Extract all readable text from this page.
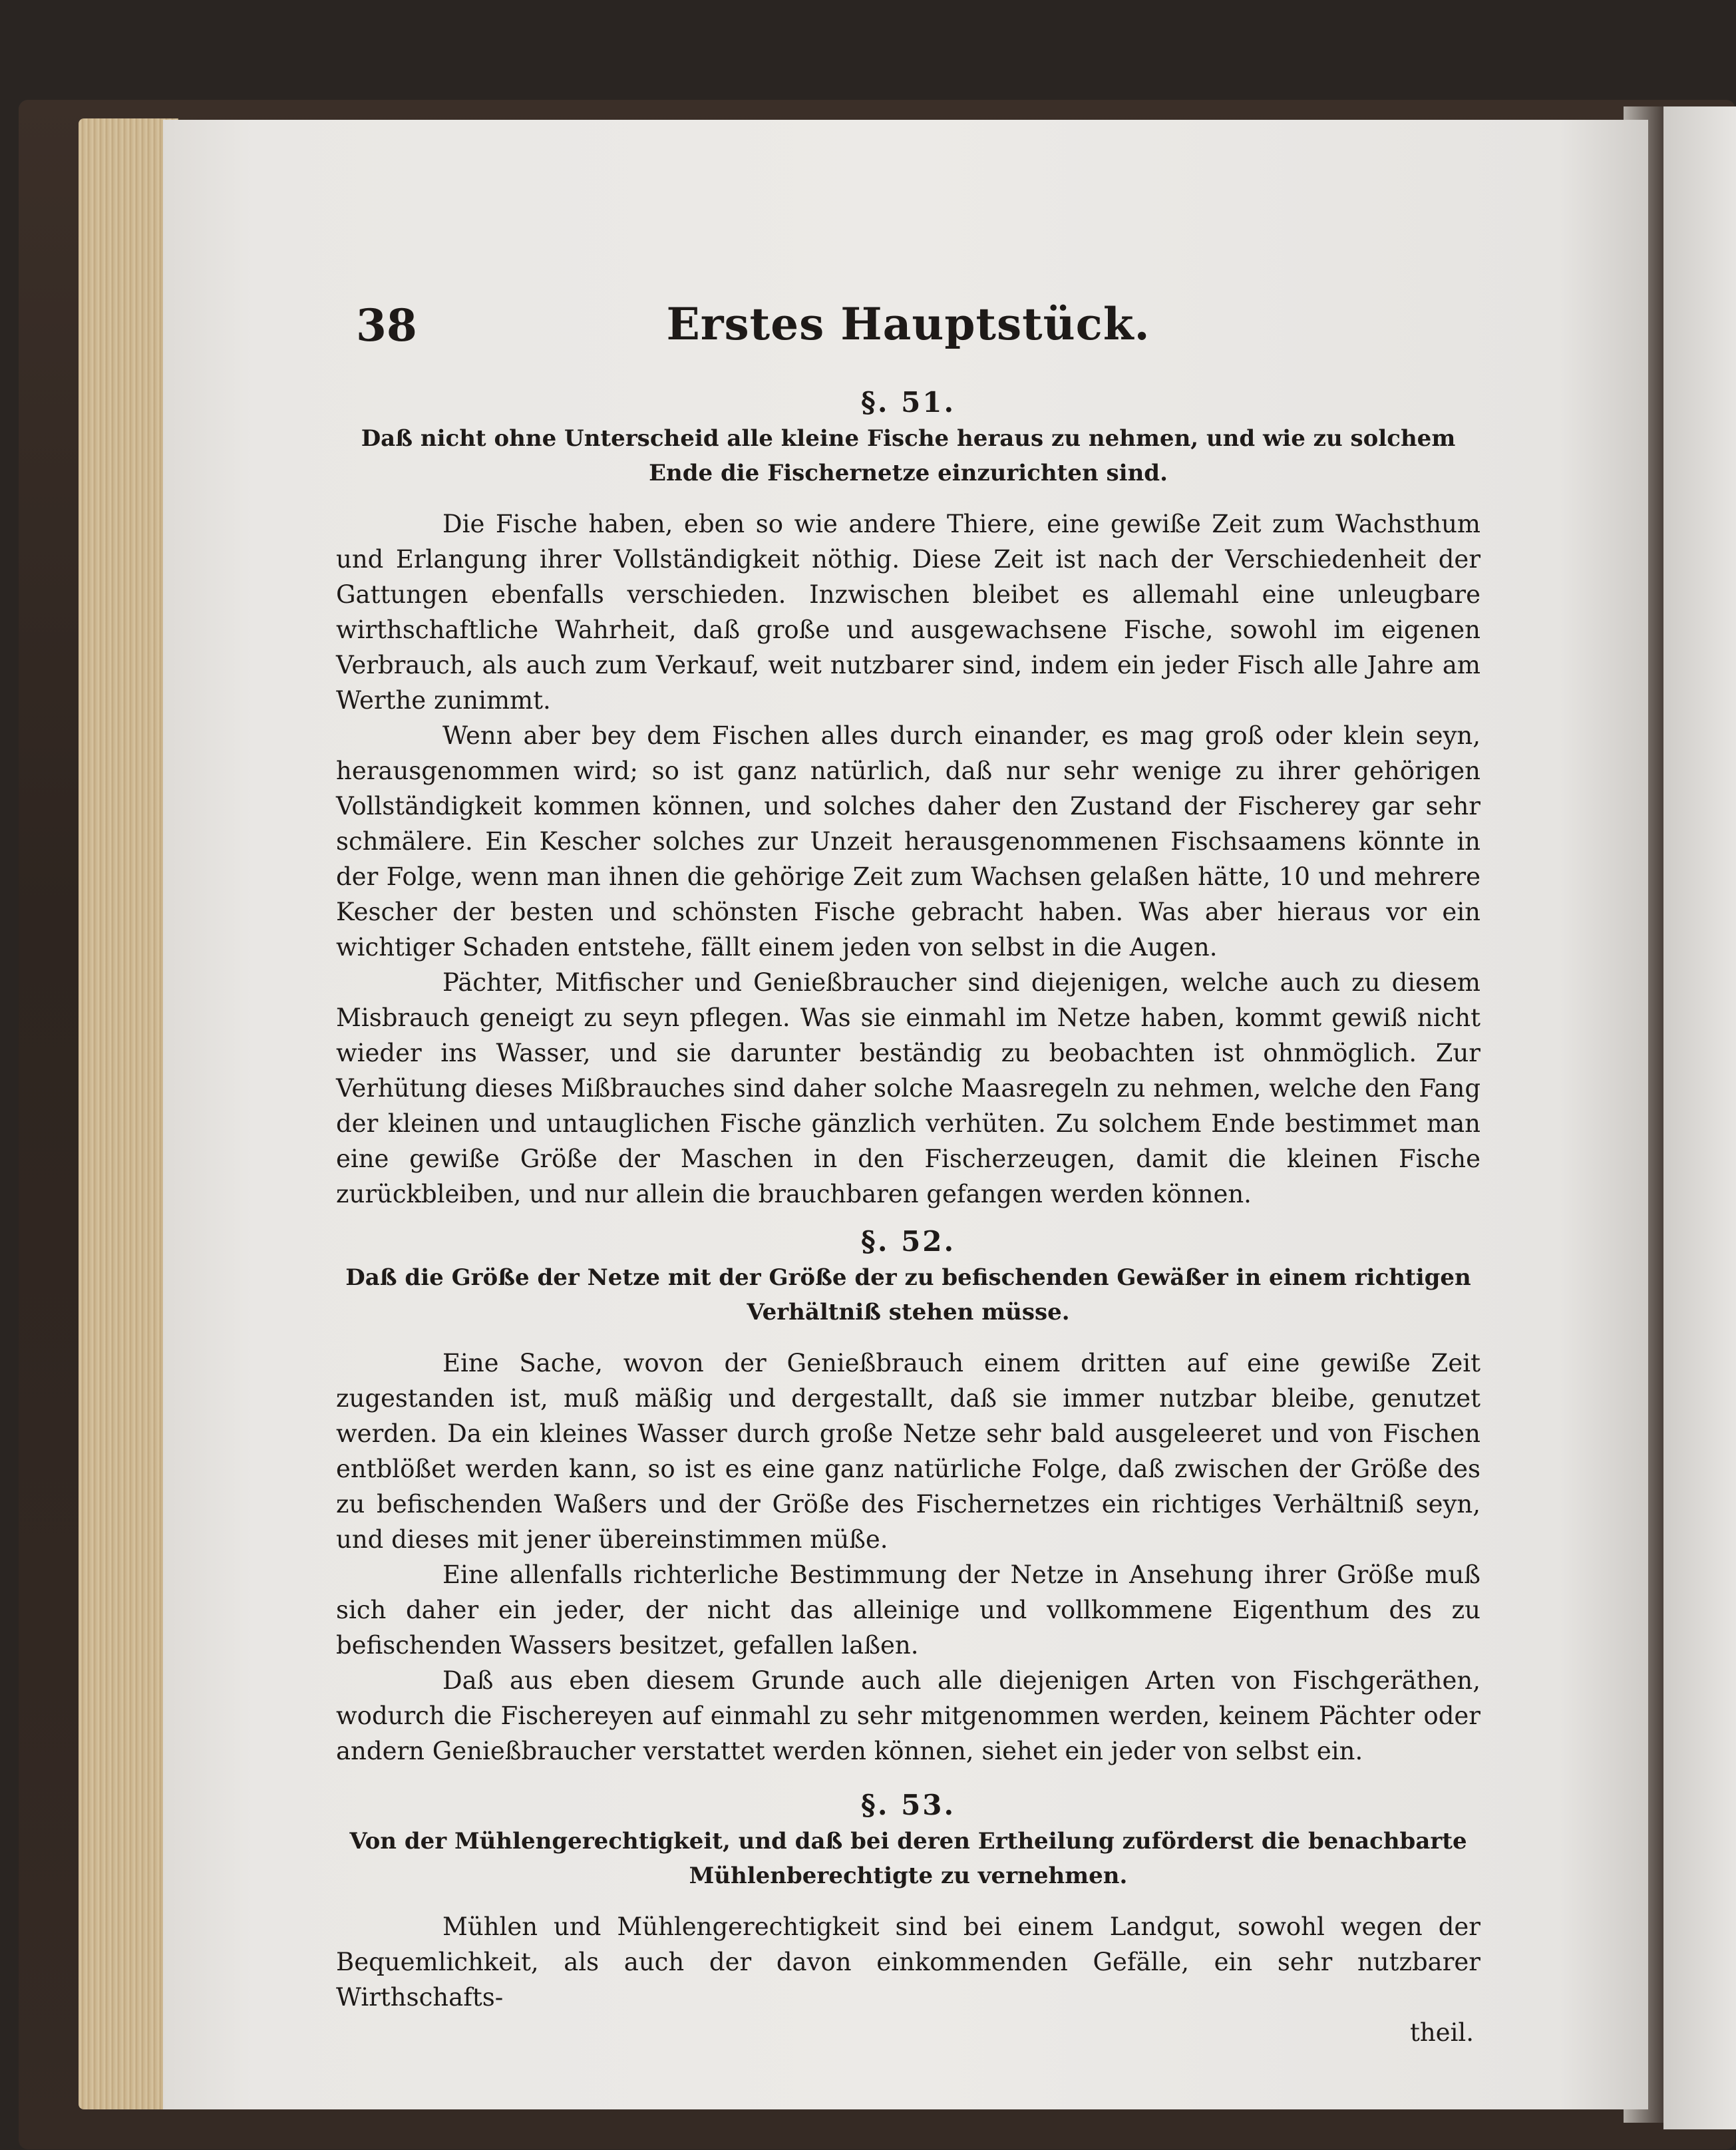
38	Erstes Hauptstück.
§. 51.
Daß nicht ohne Unterscheid alle kleine Fische heraus zu nehmen, und wie zu solchem Ende die Fischernetze einzurichten sind.

Die Fische haben, eben so wie andere Thiere, eine gewiße Zeit zum Wachsthum und Erlangung ihrer Vollständigkeit nöthig. Diese Zeit ist nach der Verschiedenheit der Gattungen ebenfalls verschieden. Inzwischen bleibet es allemahl eine unleugbare wirthschaftliche Wahrheit, daß große und ausgewachsene Fische, sowohl im eigenen Verbrauch, als auch zum Verkauf, weit nutzbarer sind, indem ein jeder Fisch alle Jahre am Werthe zunimmt.

Wenn aber bey dem Fischen alles durch einander, es mag groß oder klein seyn, herausgenommen wird; so ist ganz natürlich, daß nur sehr wenige zu ihrer gehörigen Vollständigkeit kommen können, und solches daher den Zustand der Fischerey gar sehr schmälere. Ein Kescher solches zur Unzeit herausgenommenen Fischsaamens könnte in der Folge, wenn man ihnen die gehörige Zeit zum Wachsen gelaßen hätte, 10 und mehrere Kescher der besten und schönsten Fische gebracht haben. Was aber hieraus vor ein wichtiger Schaden entstehe, fällt einem jeden von selbst in die Augen.

Pächter, Mitfischer und Genießbraucher sind diejenigen, welche auch zu diesem Misbrauch geneigt zu seyn pflegen. Was sie einmahl im Netze haben, kommt gewiß nicht wieder ins Wasser, und sie darunter beständig zu beobachten ist ohnmöglich. Zur Verhütung dieses Mißbrauches sind daher solche Maasregeln zu nehmen, welche den Fang der kleinen und untauglichen Fische gänzlich verhüten. Zu solchem Ende bestimmet man eine gewiße Größe der Maschen in den Fischerzeugen, damit die kleinen Fische zurückbleiben, und nur allein die brauchbaren gefangen werden können.

§. 52.
Daß die Größe der Netze mit der Größe der zu befischenden Gewäßer in einem richtigen Verhältniß stehen müsse.

Eine Sache, wovon der Genießbrauch einem dritten auf eine gewiße Zeit zugestanden ist, muß mäßig und dergestallt, daß sie immer nutzbar bleibe, genutzet werden. Da ein kleines Wasser durch große Netze sehr bald ausgeleeret und von Fischen entblößet werden kann, so ist es eine ganz natürliche Folge, daß zwischen der Größe des zu befischenden Waßers und der Größe des Fischernetzes ein richtiges Verhältniß seyn, und dieses mit jener übereinstimmen müße.

Eine allenfalls richterliche Bestimmung der Netze in Ansehung ihrer Größe muß sich daher ein jeder, der nicht das alleinige und vollkommene Eigenthum des zu befischenden Wassers besitzet, gefallen laßen.

Daß aus eben diesem Grunde auch alle diejenigen Arten von Fischgeräthen, wodurch die Fischereyen auf einmahl zu sehr mitgenommen werden, keinem Pächter oder andern Genießbraucher verstattet werden können, siehet ein jeder von selbst ein.

§. 53.
Von der Mühlengerechtigkeit, und daß bei deren Ertheilung zuförderst die benachbarte Mühlenberechtigte zu vernehmen.

Mühlen und Mühlengerechtigkeit sind bei einem Landgut, sowohl wegen der Bequemlichkeit, als auch der davon einkommenden Gefälle, ein sehr nutzbarer Wirthschafts-

theil.
